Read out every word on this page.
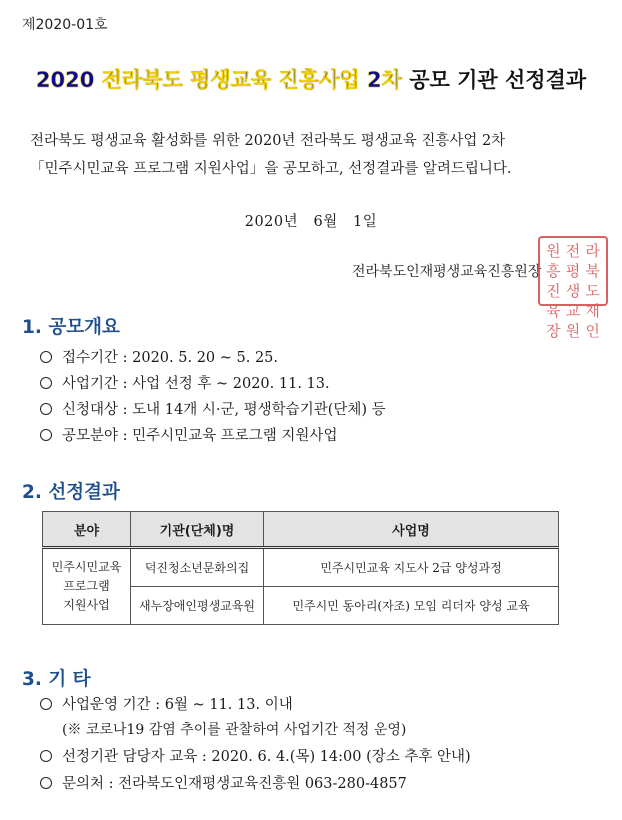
제2020-01호
2020 전라북도 평생교육 진흥사업 2차 공모 기관 선정결과
전라북도 평생교육 활성화를 위한 2020년 전라북도 평생교육 진흥사업 2차
「민주시민교육 프로그램 지원사업」을 공모하고, 선정결과를 알려드립니다.
2020년   6월   1일
전라북도인재평생교육진흥원장
원 전 라
흥 평 북
진 생 도
육 교 재
장 원 인
1. 공모개요
접수기간 : 2020. 5. 20 ~ 5. 25.
사업기간 : 사업 선정 후 ~ 2020. 11. 13.
신청대상 : 도내 14개 시·군, 평생학습기관(단체) 등
공모분야 : 민주시민교육 프로그램 지원사업
2. 선정결과
분야	기관(단체)명	사업명

민주시민교육
프로그램
지원사업	덕진청소년문화의집	민주시민교육 지도사 2급 양성과정
	새누장애인평생교육원	민주시민 동아리(자조) 모임 리더자 양성 교육
3. 기 타
사업운영 기간 : 6월 ~ 11. 13. 이내
(※ 코로나19 감염 추이를 관찰하여 사업기간 적정 운영)
선정기관 담당자 교육 : 2020. 6. 4.(목) 14:00 (장소 추후 안내)
문의처 : 전라북도인재평생교육진흥원 063-280-4857
